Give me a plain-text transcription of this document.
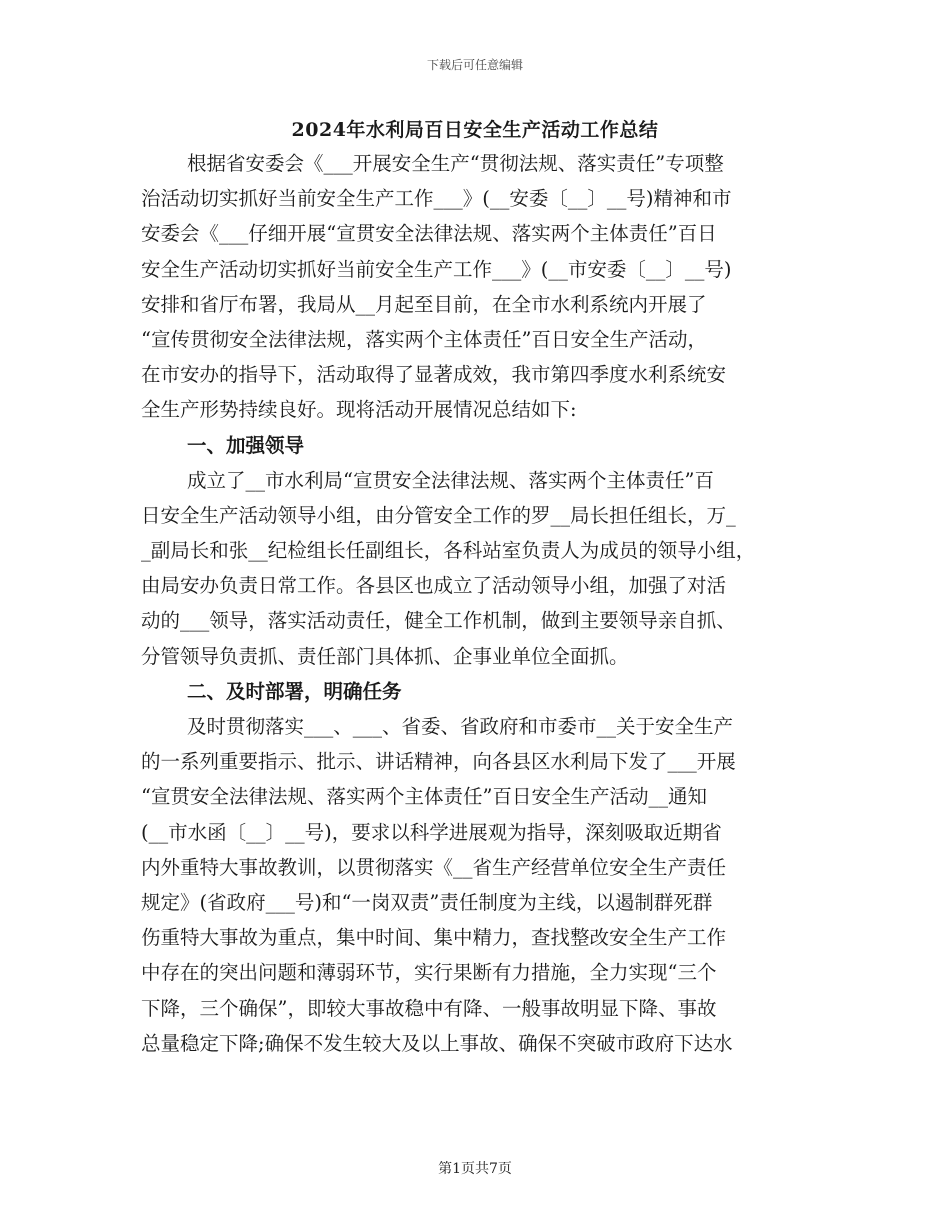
下载后可任意编辑
2024年水利局百日安全生产活动工作总结
根据省安委会《___开展安全生产“贯彻法规、落实责任”专项整
治活动切实抓好当前安全生产工作___》(__安委〔__〕__号)精神和市
安委会《___仔细开展“宣贯安全法律法规、落实两个主体责任”百日
安全生产活动切实抓好当前安全生产工作___》(__市安委〔__〕__号)
安排和省厅布署，我局从__月起至目前，在全市水利系统内开展了
“宣传贯彻安全法律法规，落实两个主体责任”百日安全生产活动，
在市安办的指导下，活动取得了显著成效，我市第四季度水利系统安
全生产形势持续良好。现将活动开展情况总结如下:
一、加强领导
成立了__市水利局“宣贯安全法律法规、落实两个主体责任”百
日安全生产活动领导小组，由分管安全工作的罗__局长担任组长，万_
_副局长和张__纪检组长任副组长，各科站室负责人为成员的领导小组，
由局安办负责日常工作。各县区也成立了活动领导小组，加强了对活
动的___领导，落实活动责任，健全工作机制，做到主要领导亲自抓、
分管领导负责抓、责任部门具体抓、企事业单位全面抓。
二、及时部署，明确任务
及时贯彻落实___、___、省委、省政府和市委市__关于安全生产
的一系列重要指示、批示、讲话精神，向各县区水利局下发了___开展
“宣贯安全法律法规、落实两个主体责任”百日安全生产活动__通知
(__市水函〔__〕__号)，要求以科学进展观为指导，深刻吸取近期省
内外重特大事故教训，以贯彻落实《__省生产经营单位安全生产责任
规定》(省政府___号)和“一岗双责”责任制度为主线，以遏制群死群
伤重特大事故为重点，集中时间、集中精力，查找整改安全生产工作
中存在的突出问题和薄弱环节，实行果断有力措施，全力实现“三个
下降，三个确保”，即较大事故稳中有降、一般事故明显下降、事故
总量稳定下降;确保不发生较大及以上事故、确保不突破市政府下达水
第1页共7页
